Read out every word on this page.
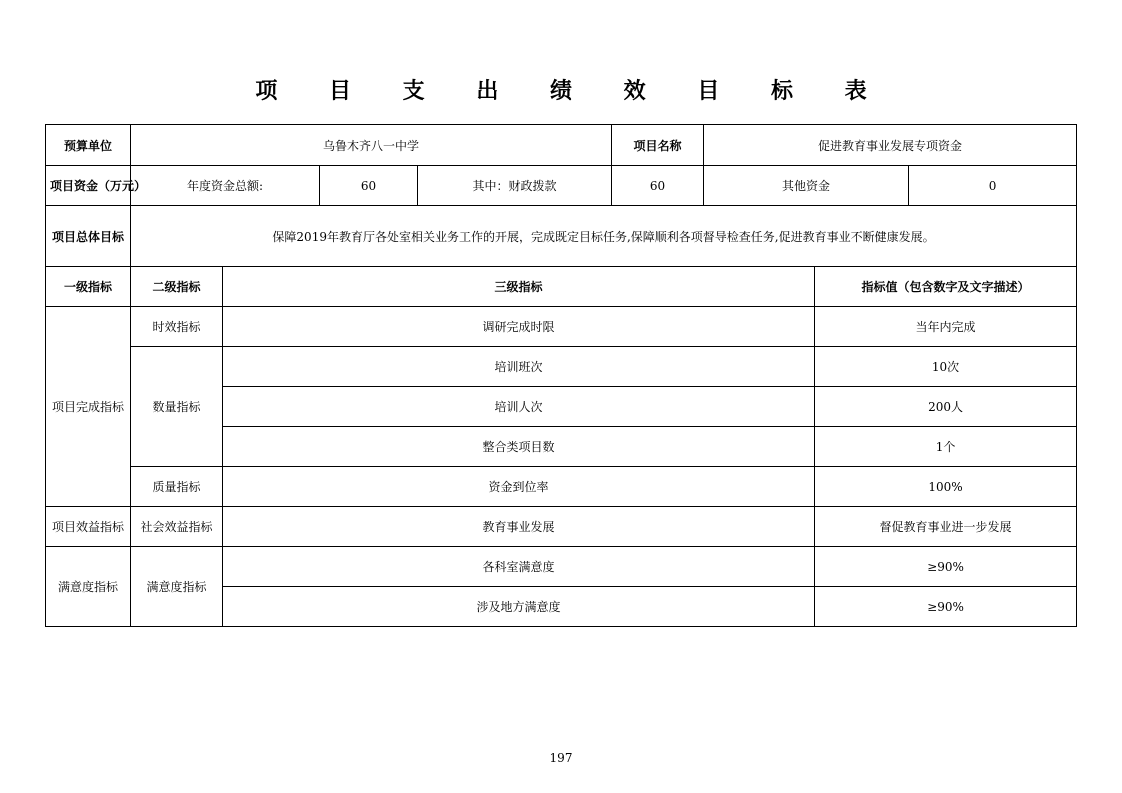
项 目 支 出 绩 效 目 标 表
预算单位	乌鲁木齐八一中学				项目名称	促进教育事业发展专项资金		
项目资金（万元）	年度资金总额:		60	其中：财政拨款	60	其他资金		0
项目总体目标	保障2019年教育厅各处室相关业务工作的开展，完成既定目标任务,保障顺利各项督导检查任务,促进教育事业不断健康发展。							
一级指标	二级指标	三级指标					指标值（包含数字及文字描述）	
项目完成指标	时效指标	调研完成时限					当年内完成	
	数量指标	培训班次					10次	
		培训人次					200人	
		整合类项目数					1个	
	质量指标	资金到位率					100%	
项目效益指标	社会效益指标	教育事业发展					督促教育事业进一步发展	
满意度指标	满意度指标	各科室满意度					≥90%	
		涉及地方满意度					≥90%	
197
